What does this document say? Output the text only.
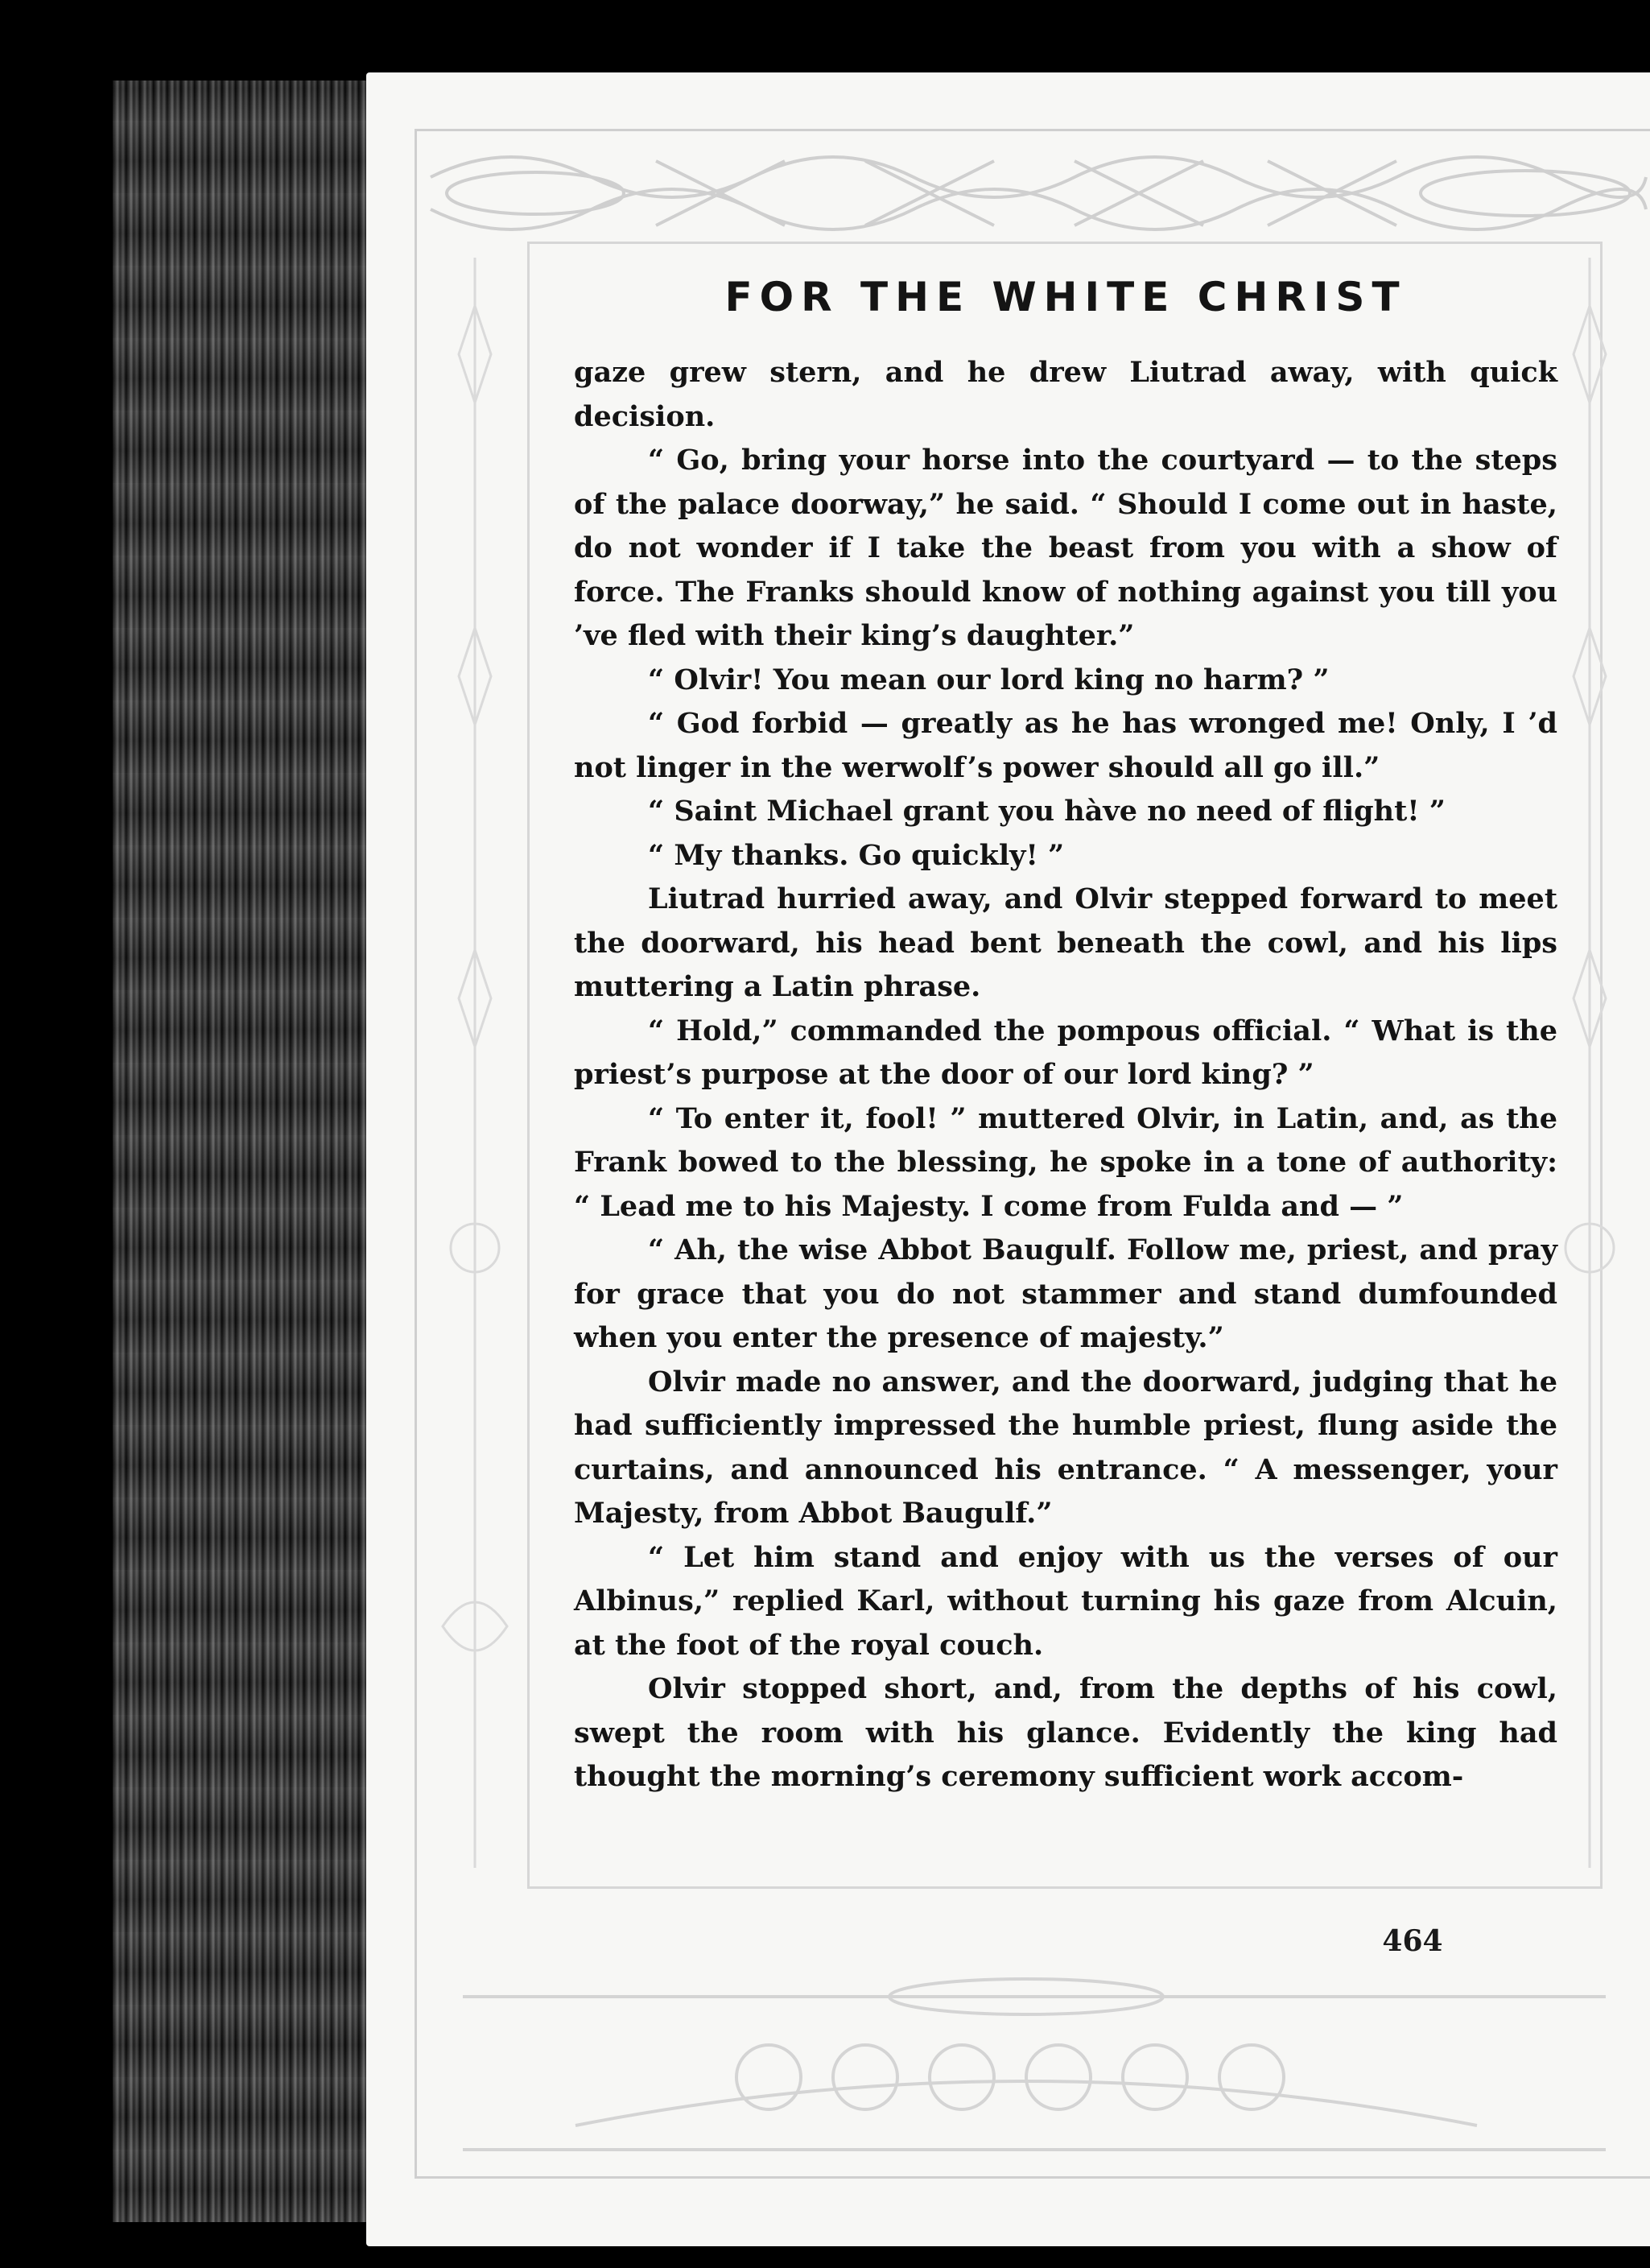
FOR THE WHITE CHRIST

gaze grew stern, and he drew Liutrad away, with quick decision.

“ Go, bring your horse into the courtyard — to the steps of the palace doorway,” he said. “ Should I come out in haste, do not wonder if I take the beast from you with a show of force. The Franks should know of nothing against you till you ’ve fled with their king’s daughter.”

“ Olvir! You mean our lord king no harm? ”

“ God forbid — greatly as he has wronged me! Only, I ’d not linger in the werwolf’s power should all go ill.”

“ Saint Michael grant you hàve no need of flight! ”

“ My thanks. Go quickly! ”

Liutrad hurried away, and Olvir stepped forward to meet the doorward, his head bent beneath the cowl, and his lips muttering a Latin phrase.

“ Hold,” commanded the pompous official. “ What is the priest’s purpose at the door of our lord king? ”

“ To enter it, fool! ” muttered Olvir, in Latin, and, as the Frank bowed to the blessing, he spoke in a tone of authority: “ Lead me to his Majesty. I come from Fulda and — ”

“ Ah, the wise Abbot Baugulf. Follow me, priest, and pray for grace that you do not stammer and stand dumfounded when you enter the presence of majesty.”

Olvir made no answer, and the doorward, judging that he had sufficiently impressed the humble priest, flung aside the curtains, and announced his entrance. “ A messenger, your Majesty, from Abbot Baugulf.”

“ Let him stand and enjoy with us the verses of our Albinus,” replied Karl, without turning his gaze from Alcuin, at the foot of the royal couch.

Olvir stopped short, and, from the depths of his cowl, swept the room with his glance. Evidently the king had thought the morning’s ceremony sufficient work accom-

464
